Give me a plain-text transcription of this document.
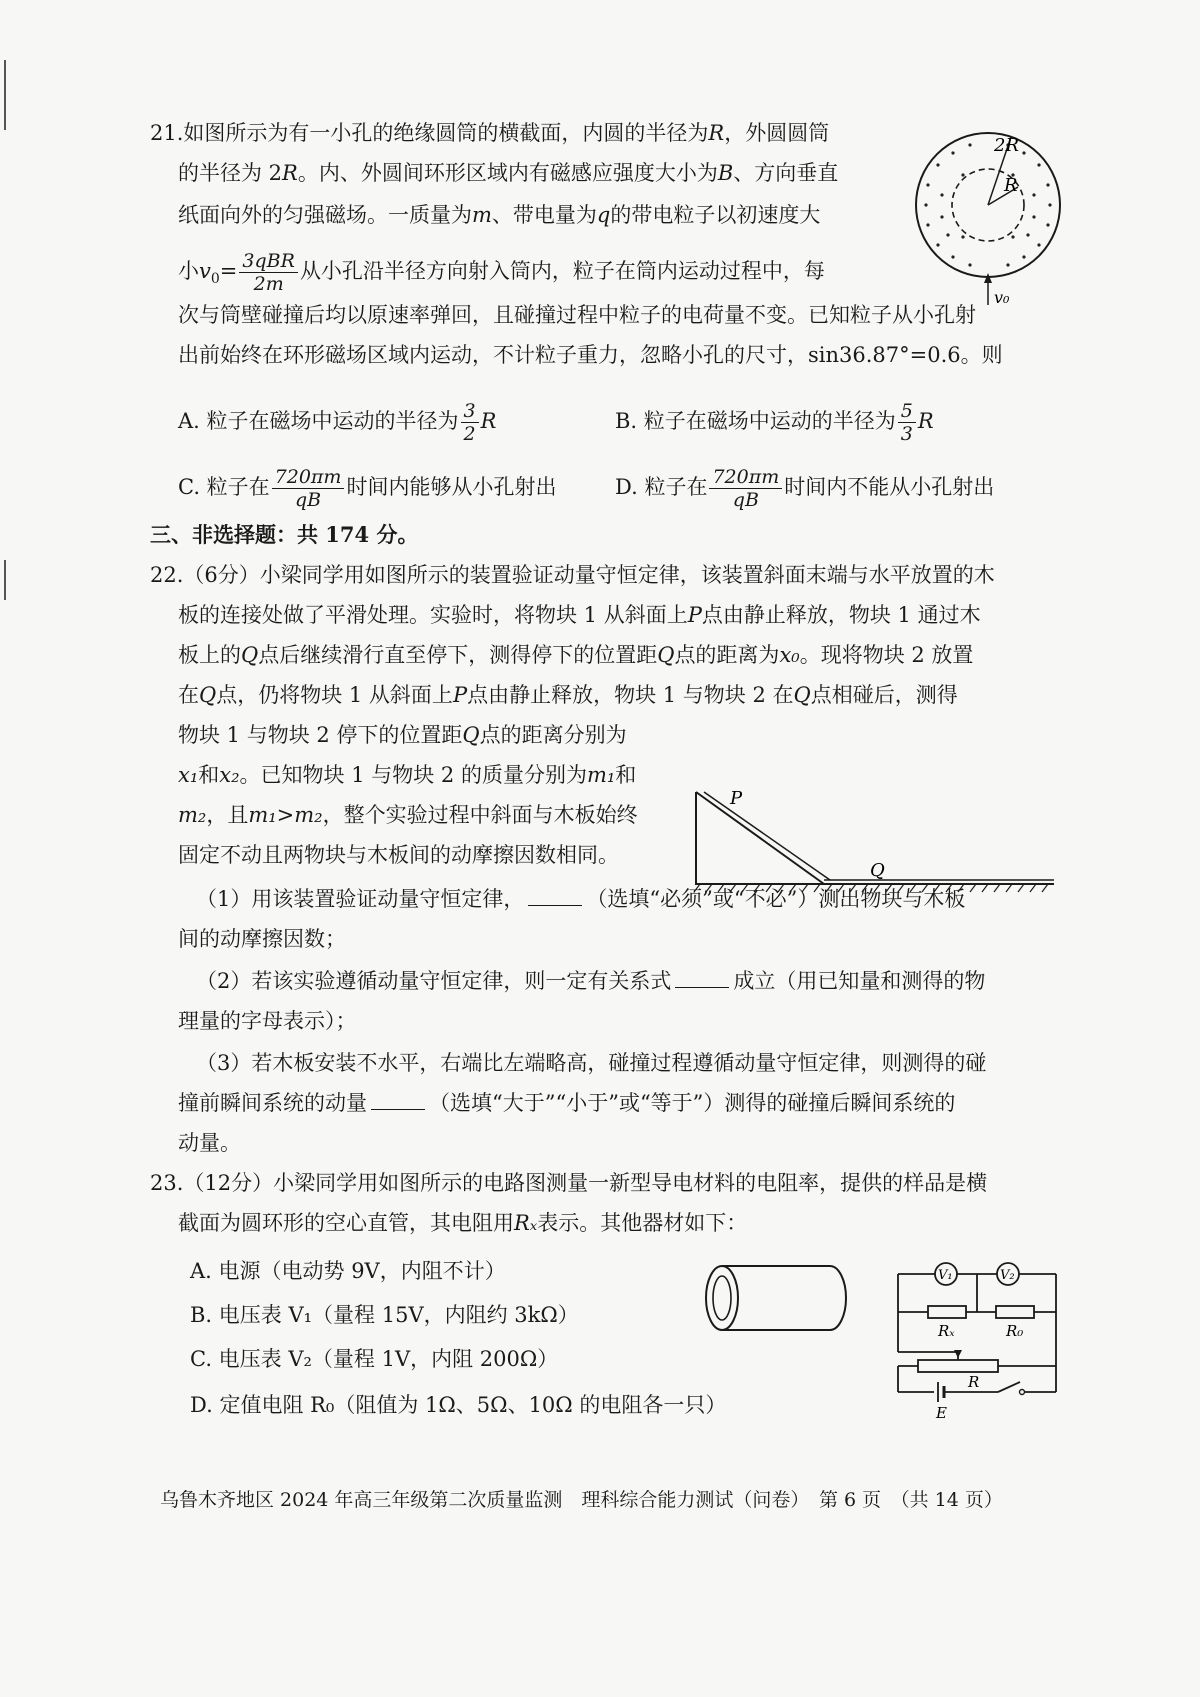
21.如图所示为有一小孔的绝缘圆筒的横截面，内圆的半径为R，外圆圆筒
的半径为 2R。内、外圆间环形区域内有磁感应强度大小为B、方向垂直
纸面向外的匀强磁场。一质量为m、带电量为q的带电粒子以初速度大
小$v_0= \frac{\text{3qBR}}{2m}$ 从小孔沿半径方向射入筒内，粒子在筒内运动过程中，每
次与筒壁碰撞后均以原速率弹回，且碰撞过程中粒子的电荷量不变。已知粒子从小孔射
出前始终在环形磁场区域内运动，不计粒子重力，忽略小孔的尺寸，sin36.87°=0.6。则
A. 粒子在磁场中运动的半径为 $\frac{3}{2}$ R	B. 粒子在磁场中运动的半径为 $\frac{5}{3}$ R
C. 粒子在 $\frac{720\pi m}{qB}$ 时间内能够从小孔射出	D. 粒子在 $\frac{720\pi m}{qB}$ 时间内不能从小孔射出
2R
R
v₀
三、非选择题：共 174 分。
22.（6分）小梁同学用如图所示的装置验证动量守恒定律，该装置斜面末端与水平放置的木
板的连接处做了平滑处理。实验时，将物块 1 从斜面上P点由静止释放，物块 1 通过木
板上的Q点后继续滑行直至停下，测得停下的位置距Q点的距离为x₀。现将物块 2 放置
在Q点，仍将物块 1 从斜面上P点由静止释放，物块 1 与物块 2 在Q点相碰后，测得
物块 1 与物块 2 停下的位置距Q点的距离分别为
x₁和x₂。已知物块 1 与物块 2 的质量分别为m₁和
m₂，且m₁>m₂，整个实验过程中斜面与木板始终
固定不动且两物块与木板间的动摩擦因数相同。
P
Q
（1）用该装置验证动量守恒定律，	（选填“必须”或“不必”）测出物块与木板
间的动摩擦因数；
（2）若该实验遵循动量守恒定律，则一定有关系式	成立（用已知量和测得的物
理量的字母表示）；
（3）若木板安装不水平，右端比左端略高，碰撞过程遵循动量守恒定律，则测得的碰
撞前瞬间系统的动量	（选填“大于”“小于”或“等于”）测得的碰撞后瞬间系统的
动量。
23.（12分）小梁同学用如图所示的电路图测量一新型导电材料的电阻率，提供的样品是横
截面为圆环形的空心直管，其电阻用Rₓ表示。其他器材如下：
A. 电源（电动势 9V，内阻不计）
B. 电压表 V₁（量程 15V，内阻约 3kΩ）
C. 电压表 V₂（量程 1V，内阻 200Ω）
D. 定值电阻 R₀（阻值为 1Ω、5Ω、10Ω 的电阻各一只）
V₁	V₂
Rₓ	R₀
R
E
乌鲁木齐地区 2024 年高三年级第二次质量监测　理科综合能力测试（问卷）　 第 6 页　 （共 14 页）
